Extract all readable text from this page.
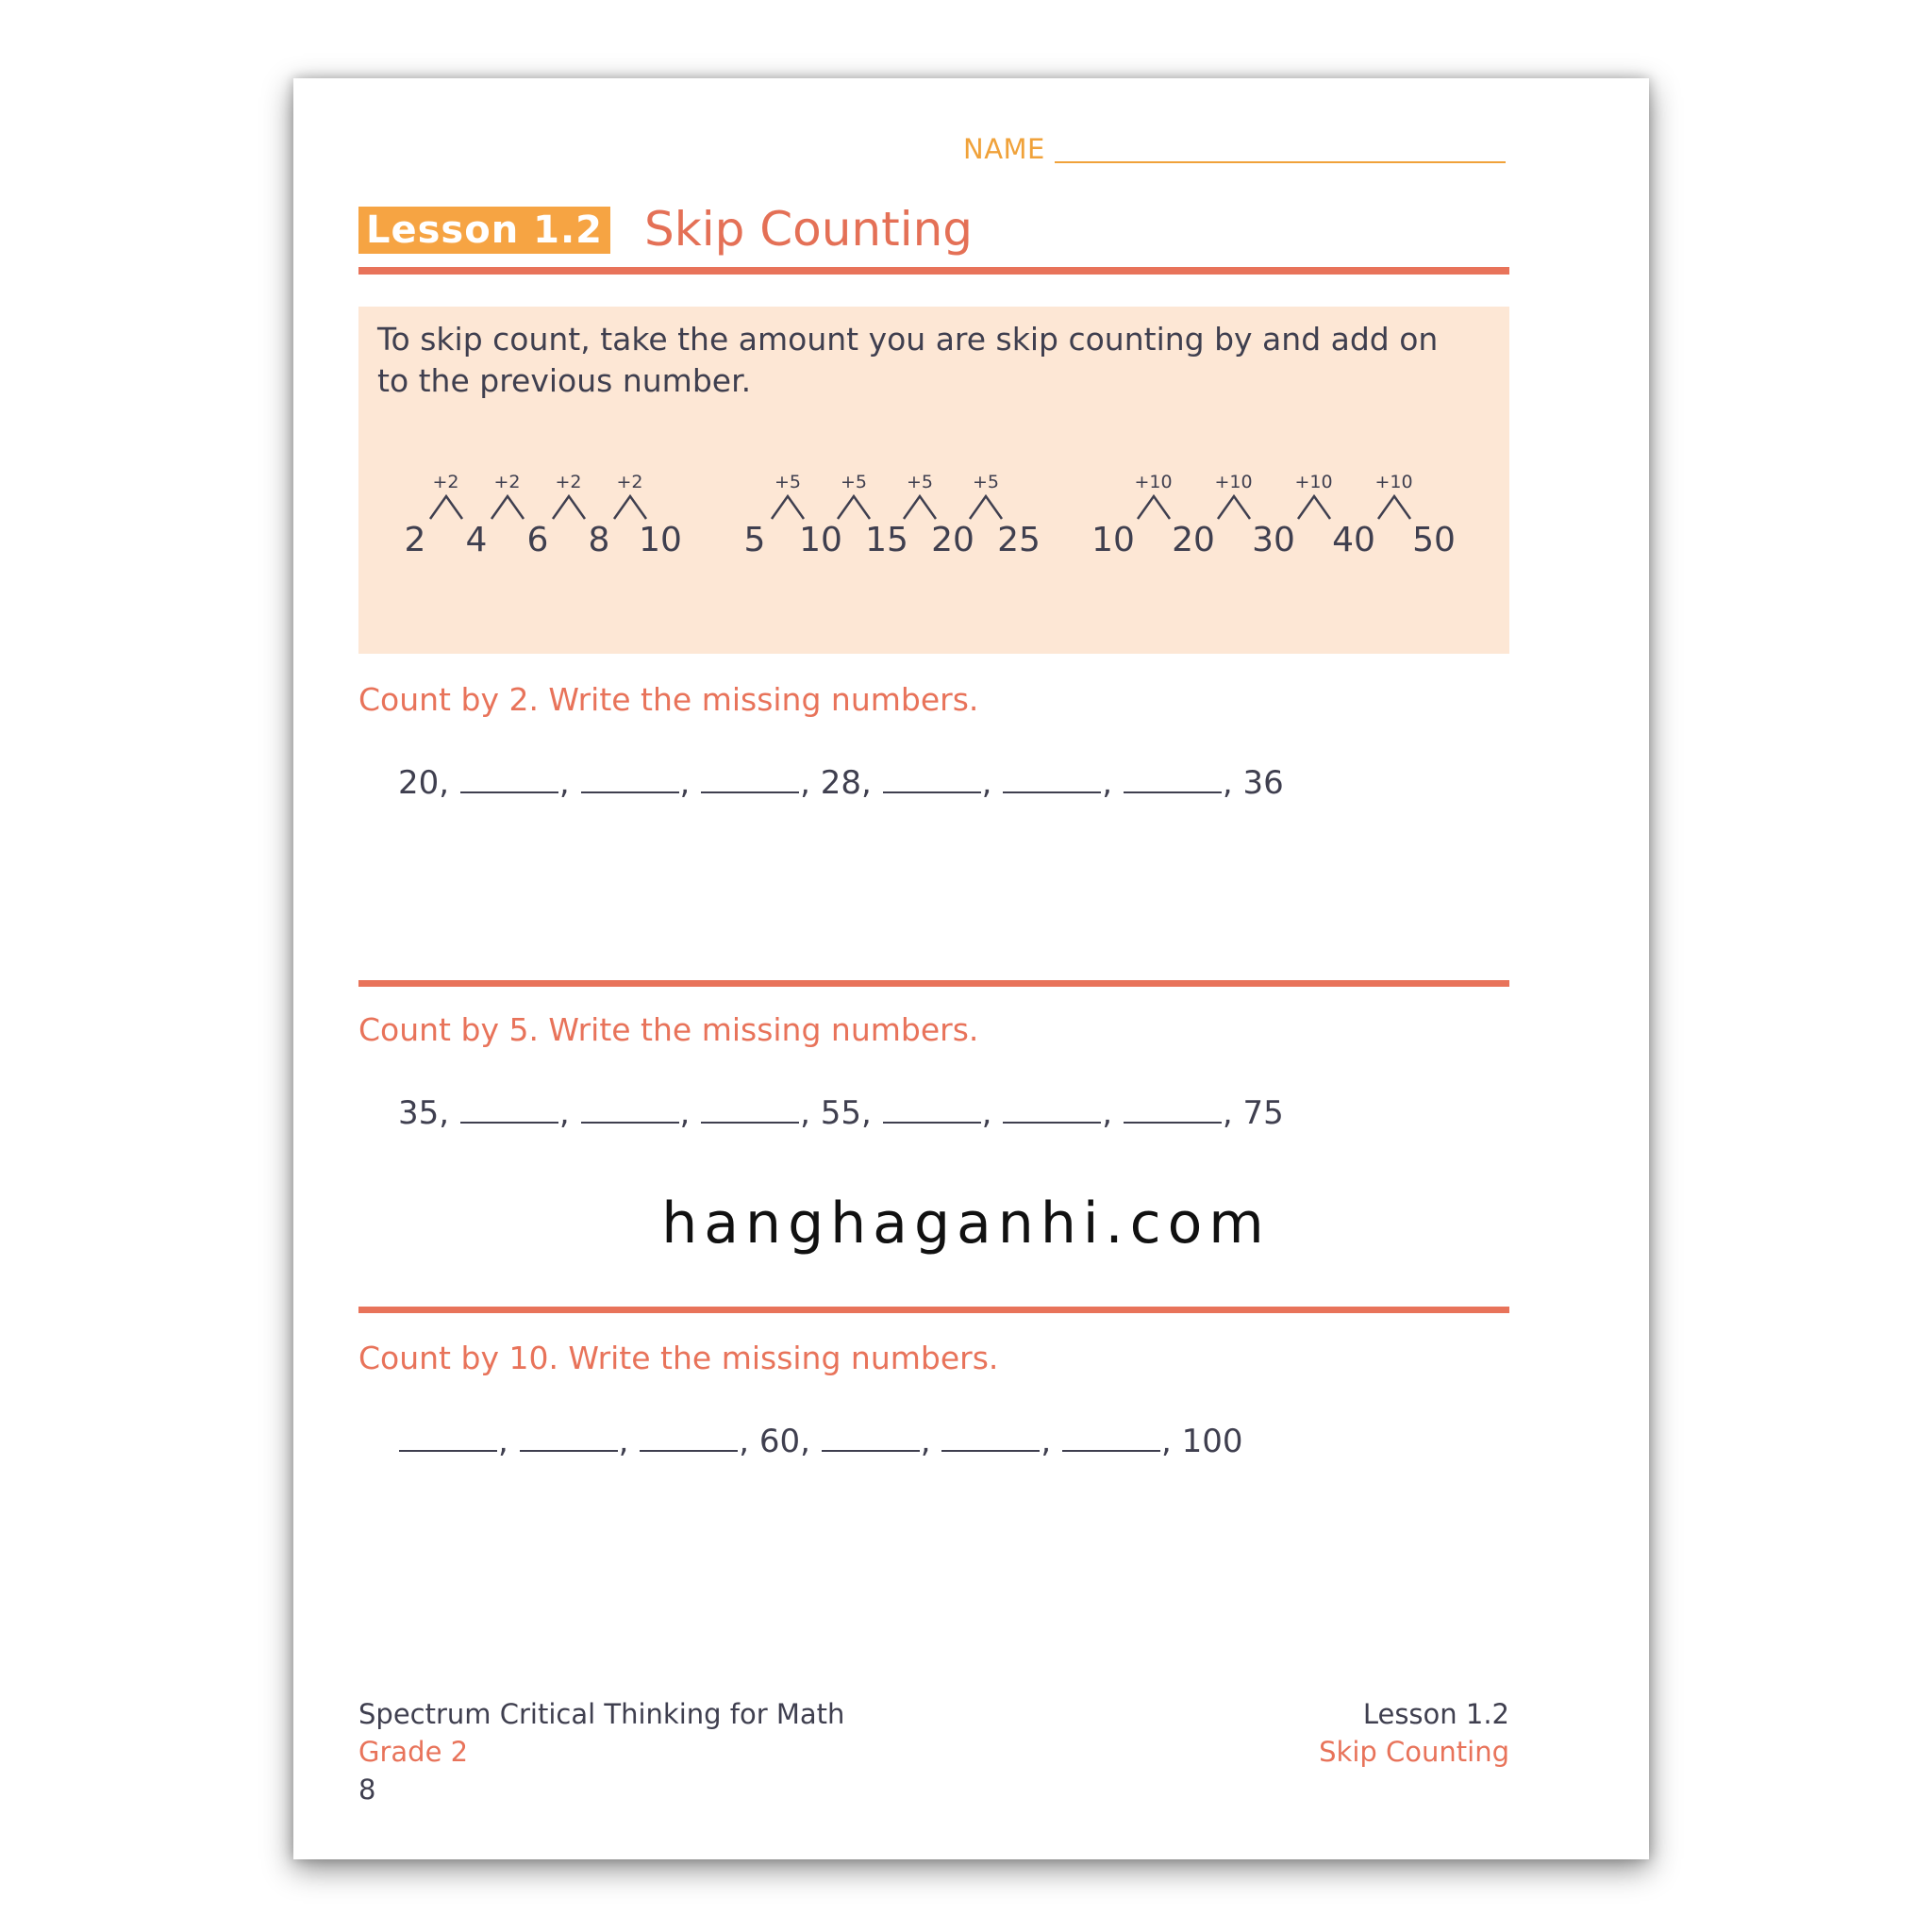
NAME
Lesson 1.2 Skip Counting
To skip count, take the amount you are skip counting by and add on to the previous number.
2
+2
4
+2
6
+2
8
+2
10 5
+5
10
+5
15
+5
20
+5
25 10
+10
20
+10
30
+10
40
+10
50
Count by 2. Write the missing numbers.
20,	,	,	, 28,	,	,	, 36
Count by 5. Write the missing numbers.
35,	,	,	, 55,	,	,	, 75
hanghaganhi.com
Count by 10. Write the missing numbers.
,	,	, 60,	,	,	, 100
Spectrum Critical Thinking for Math
Grade 2
8
Lesson 1.2
Skip Counting
